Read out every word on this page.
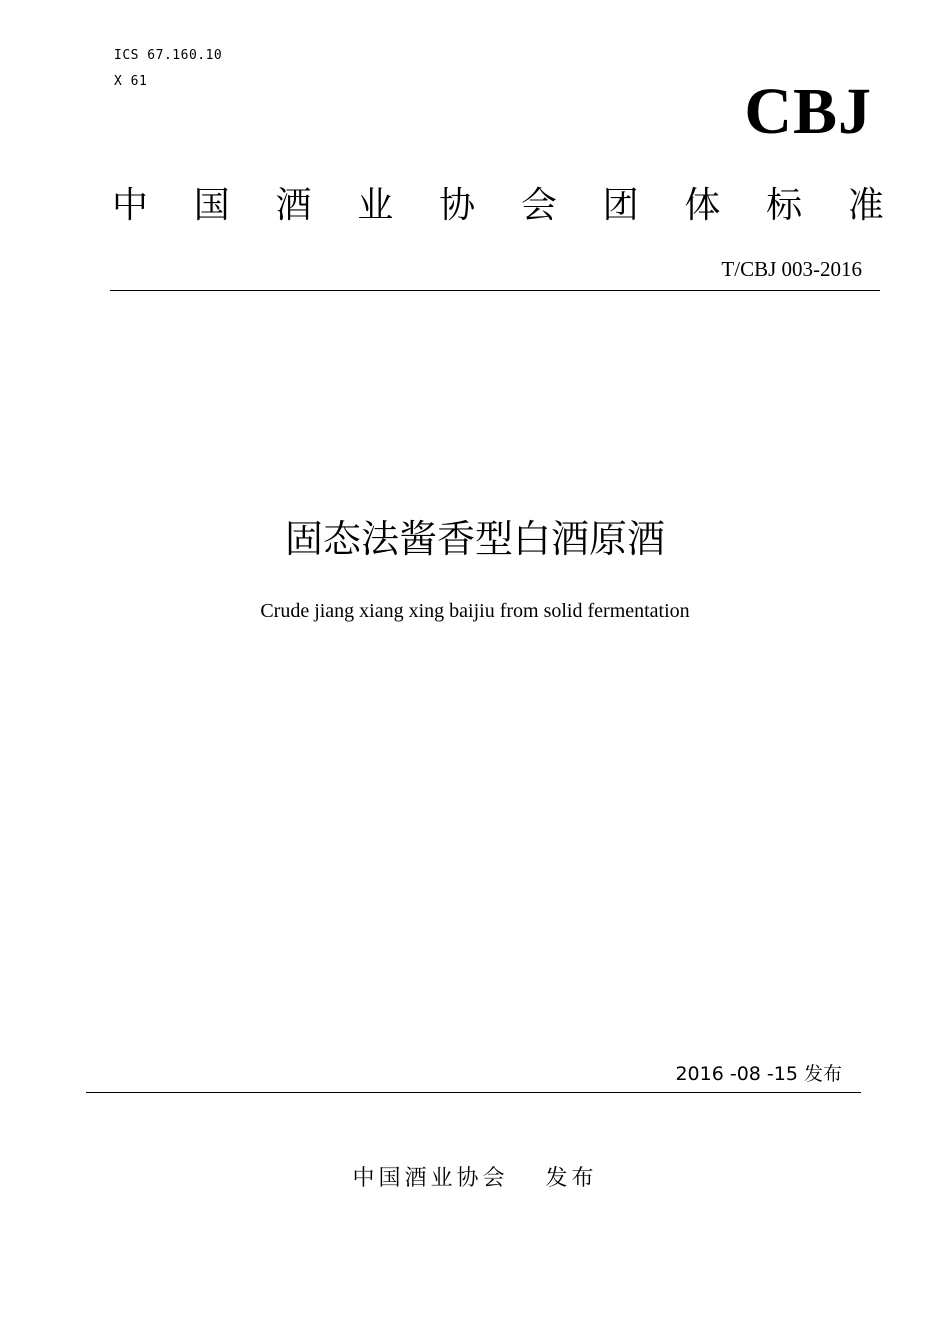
ICS 67.160.10
X 61	CBJ
中 国 酒 业 协 会 团 体 标 准
T/CBJ 003-2016
固态法酱香型白酒原酒
Crude jiang xiang xing baijiu from solid fermentation
2016 -08 -15 发布
中国酒业协会　 发布
